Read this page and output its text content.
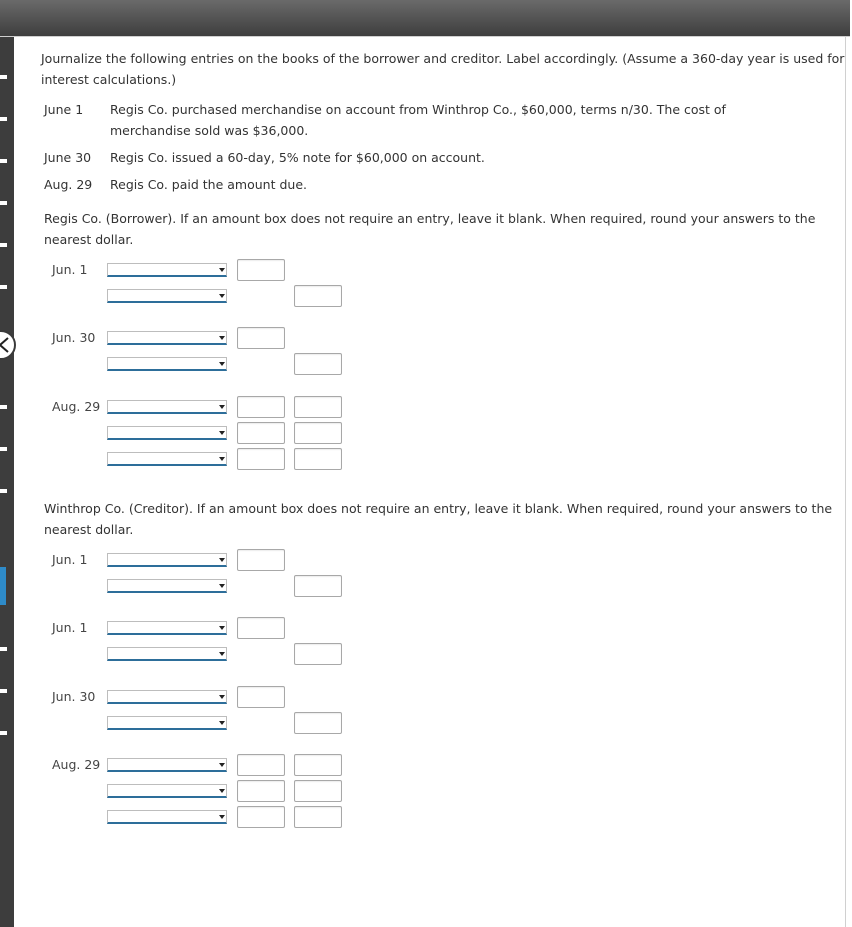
Journalize the following entries on the books of the borrower and creditor. Label accordingly. (Assume a 360-day year is used for
interest calculations.)
June 1 Regis Co. purchased merchandise on account from Winthrop Co., $60,000, terms n/30. The cost of
merchandise sold was $36,000.
June 30 Regis Co. issued a 60-day, 5% note for $60,000 on account.
Aug. 29 Regis Co. paid the amount due.
Regis Co. (Borrower). If an amount box does not require an entry, leave it blank. When required, round your answers to the
nearest dollar.
Jun. 1
Jun. 30
Aug. 29
Winthrop Co. (Creditor). If an amount box does not require an entry, leave it blank. When required, round your answers to the
nearest dollar.
Jun. 1
Jun. 1
Jun. 30
Aug. 29
